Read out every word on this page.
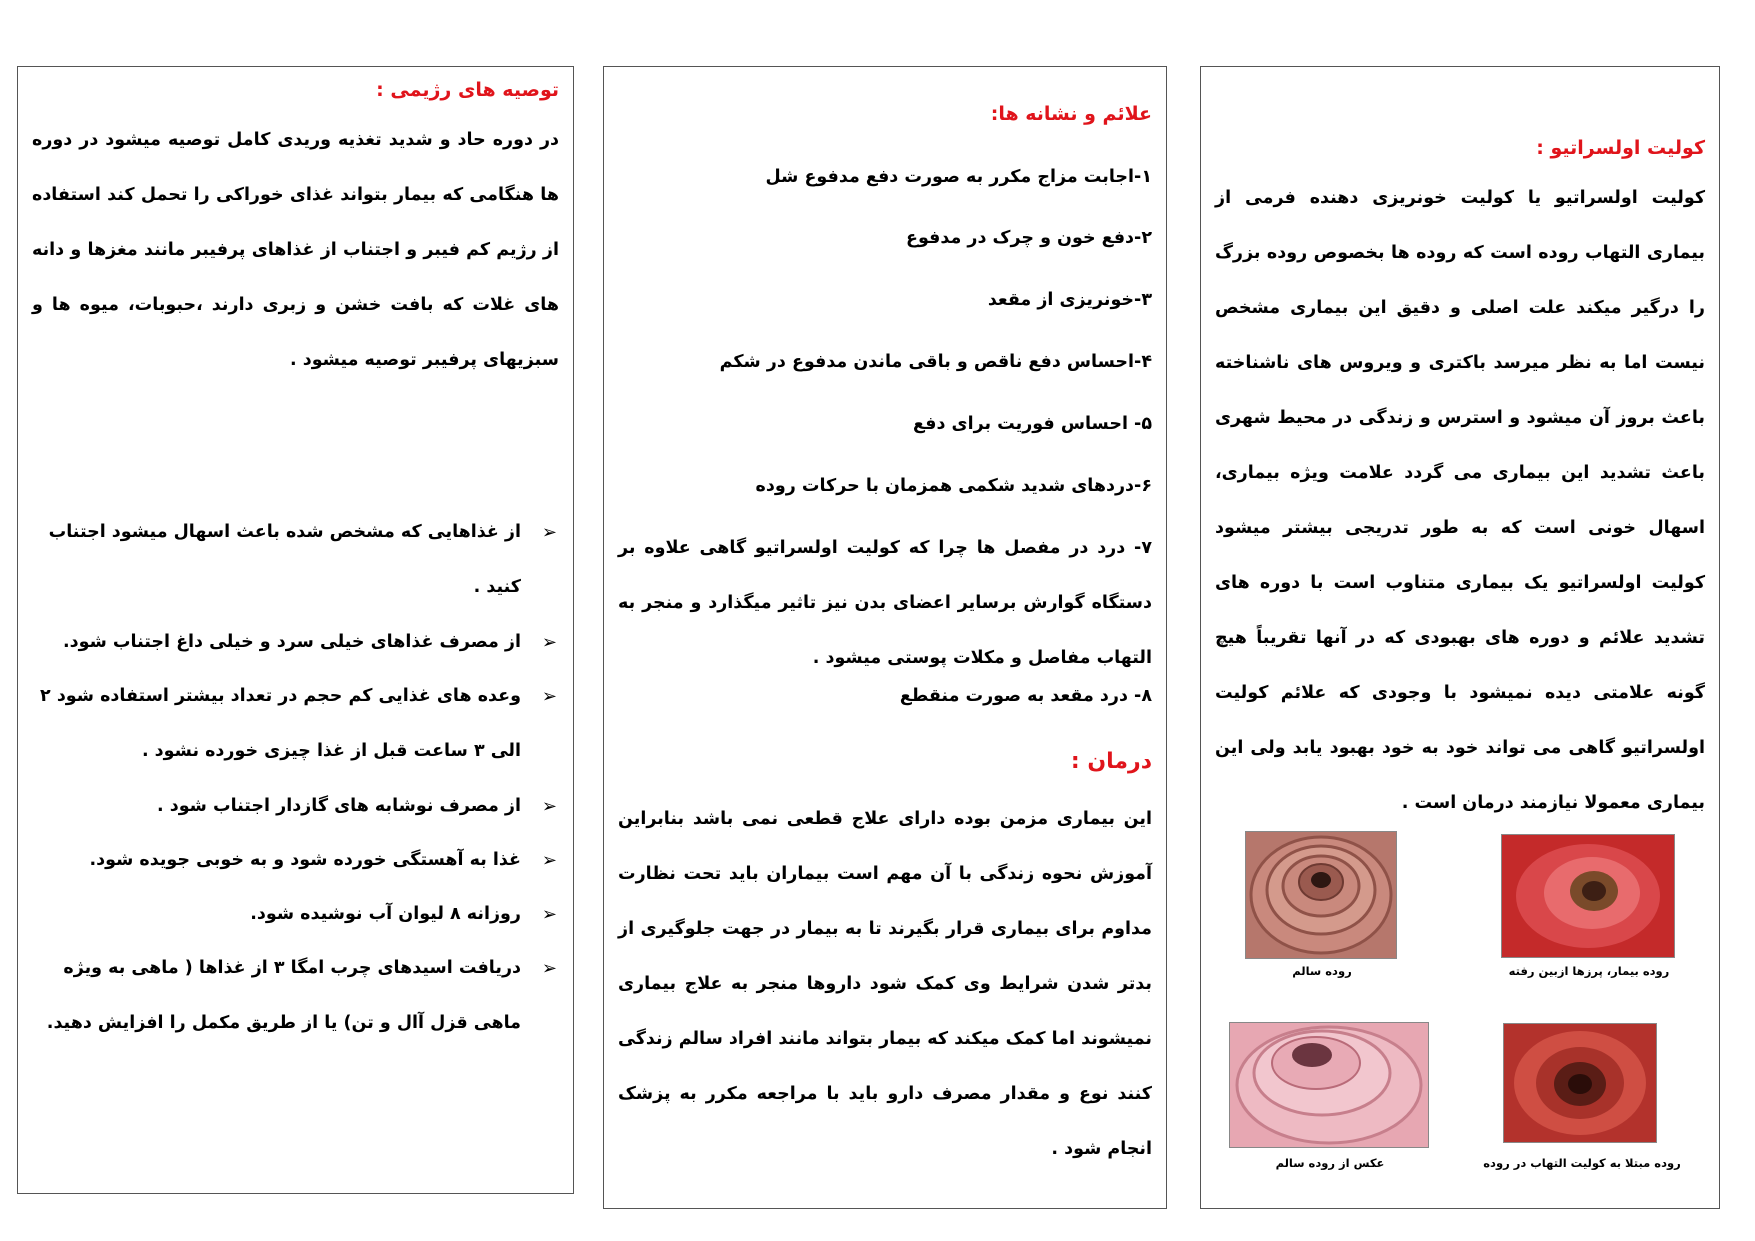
کولیت اولسراتیو :

کولیت اولسراتیو یا کولیت خونریزی دهنده فرمی از بیماری التهاب روده است که روده ها بخصوص روده بزرگ را درگیر میکند علت اصلی و دقیق این بیماری مشخص نیست اما به نظر میرسد باکتری و ویروس های ناشناخته باعث بروز آن میشود و استرس و زندگی در محیط شهری باعث تشدید این بیماری می گردد علامت ویژه بیماری، اسهال خونی است که به طور تدریجی بیشتر میشود کولیت اولسراتیو یک بیماری متناوب است با دوره های تشدید علائم و دوره های بهبودی که در آنها تقریباً هیچ گونه علامتی دیده نمیشود با وجودی که علائم کولیت اولسراتیو گاهی می تواند خود به خود بهبود یابد ولی این بیماری معمولا نیازمند درمان است .

روده بیمار، پرزها ازبین رفته
روده سالم
روده مبتلا به کولیت التهاب در روده
عکس از روده سالم
علائم و نشانه ها:
۱-اجابت مزاج مکرر به صورت دفع مدفوع شل
۲-دفع خون و چرک در مدفوع
۳-خونریزی از مقعد
۴-احساس دفع ناقص و باقی ماندن مدفوع در شکم
۵- احساس فوریت برای دفع
۶-دردهای شدید شکمی همزمان با حرکات روده

۷- درد در مفصل ها چرا که کولیت اولسراتیو گاهی علاوه بر دستگاه گوارش برسایر اعضای بدن نیز تاثیر میگذارد و منجر به التهاب مفاصل و مکلات پوستی میشود .

۸- درد مقعد به صورت منقطع
درمان :

این بیماری مزمن بوده دارای علاج قطعی نمی باشد بنابراین آموزش نحوه زندگی با آن مهم است بیماران باید تحت نظارت مداوم برای بیماری قرار بگیرند تا به بیمار در جهت جلوگیری از بدتر شدن شرایط وی کمک شود داروها منجر به علاج بیماری نمیشوند اما کمک میکند که بیمار بتواند مانند افراد سالم زندگی کنند نوع و مقدار مصرف دارو باید با مراجعه مکرر به پزشک انجام شود .

توصیه های رژیمی :

در دوره حاد و شدید تغذیه وریدی کامل توصیه میشود در دوره ها هنگامی که بیمار بتواند غذای خوراکی را تحمل کند استفاده از رژیم کم فیبر و اجتناب از غذاهای پرفیبر مانند مغزها و دانه های غلات که بافت خشن و زبری دارند ،حبوبات، میوه ها و سبزیهای پرفیبر توصیه میشود .

➢
از غذاهایی که مشخص شده باعث اسهال میشود اجتناب کنید .
➢
از مصرف غذاهای خیلی سرد و خیلی داغ اجتناب شود.
➢
وعده های غذایی کم حجم در تعداد بیشتر استفاده شود ۲ الی ۳ ساعت قبل از غذا چیزی خورده نشود .
➢
از مصرف نوشابه های گازدار اجتناب شود .
➢
غذا به آهستگی خورده شود و به خوبی جویده شود.
➢
روزانه ۸ لیوان آب نوشیده شود.
➢
دریافت اسیدهای چرب امگا ۳ از غذاها ( ماهی به ویژه ماهی قزل آال و تن) یا از طریق مکمل را افزایش دهید.
